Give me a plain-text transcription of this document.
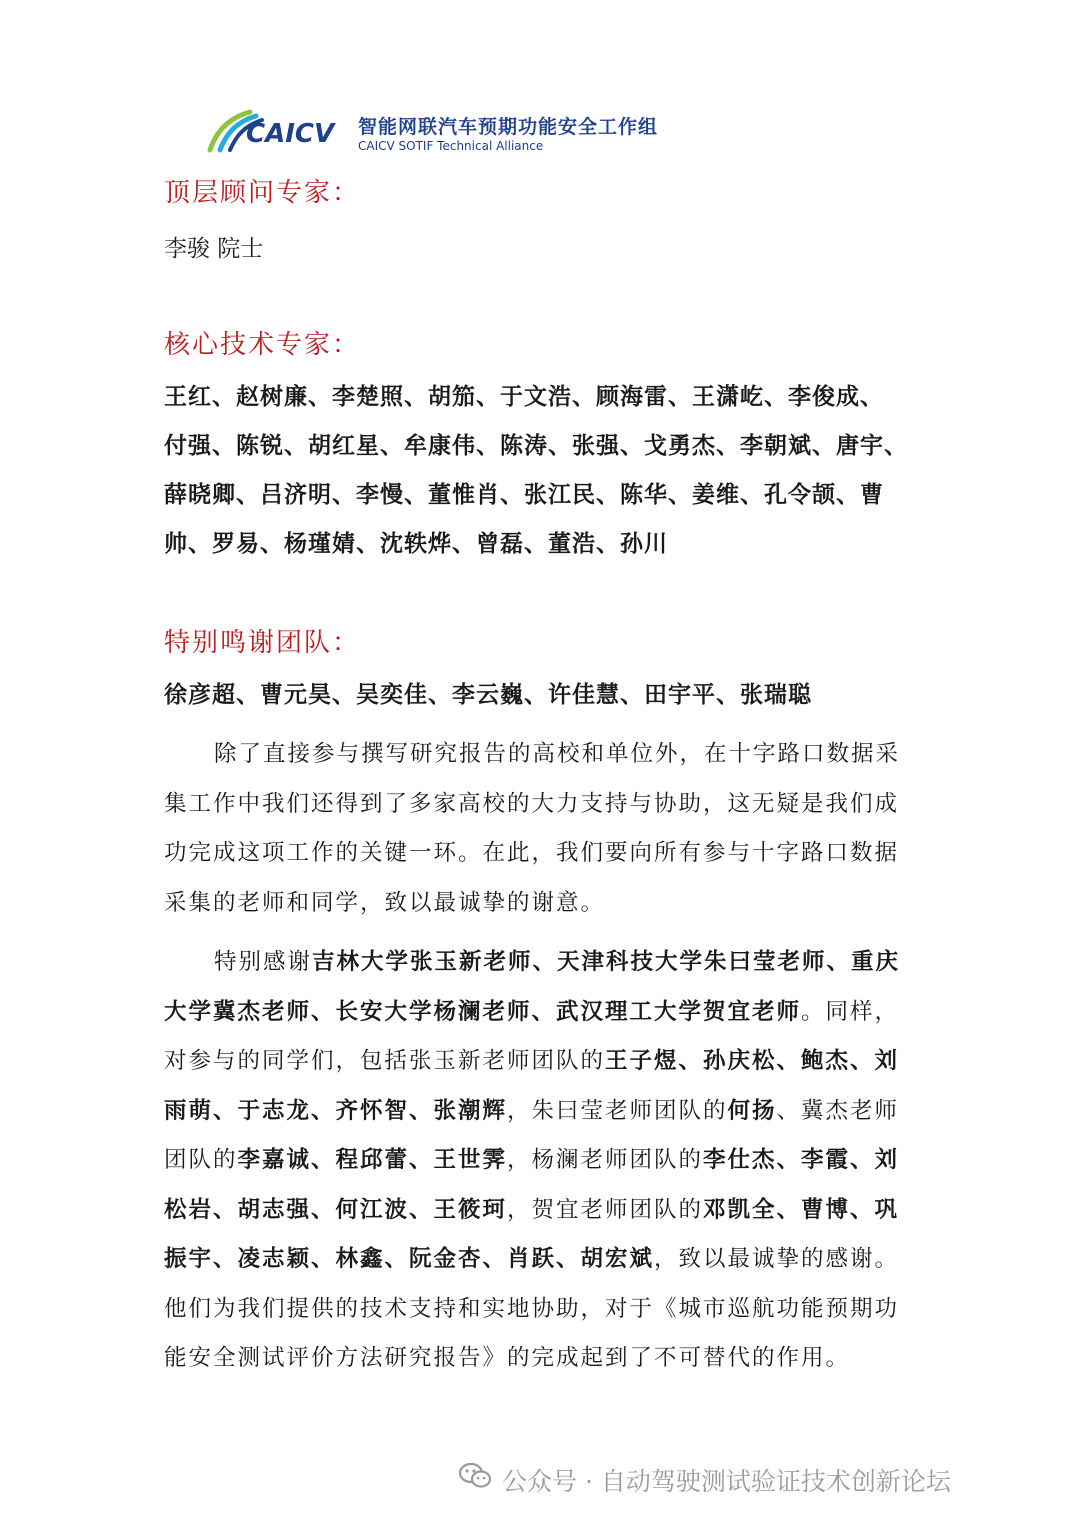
CAICV 智能网联汽车预期功能安全工作组
CAICV SOTIF Technical Alliance
顶层顾问专家：
李骏 院士
核心技术专家：
王红、赵树廉、李楚照、胡笳、于文浩、顾海雷、王潇屹、李俊成、
付强、陈锐、胡红星、牟康伟、陈涛、张强、戈勇杰、李朝斌、唐宇、
薛晓卿、吕济明、李慢、董惟肖、张江民、陈华、姜维、孔令颉、曹
帅、罗易、杨瑾婧、沈轶烨、曾磊、董浩、孙川
特别鸣谢团队：
徐彦超、曹元昊、吴奕佳、李云巍、许佳慧、田宇平、张瑞聪
除了直接参与撰写研究报告的高校和单位外，在十字路口数据采
集工作中我们还得到了多家高校的大力支持与协助，这无疑是我们成
功完成这项工作的关键一环。在此，我们要向所有参与十字路口数据
采集的老师和同学，致以最诚挚的谢意。
特别感谢吉林大学张玉新老师、天津科技大学朱曰莹老师、重庆
大学冀杰老师、长安大学杨澜老师、武汉理工大学贺宜老师。同样，
对参与的同学们，包括张玉新老师团队的王子煜、孙庆松、鲍杰、刘
雨萌、于志龙、齐怀智、张潮辉，朱曰莹老师团队的何扬、冀杰老师
团队的李嘉诚、程邱蕾、王世霁，杨澜老师团队的李仕杰、李霞、刘
松岩、胡志强、何江波、王筱珂，贺宜老师团队的邓凯全、曹博、巩
振宇、凌志颖、林鑫、阮金杏、肖跃、胡宏斌，致以最诚挚的感谢。
他们为我们提供的技术支持和实地协助，对于《城市巡航功能预期功
能安全测试评价方法研究报告》的完成起到了不可替代的作用。
公众号 · 自动驾驶测试验证技术创新论坛
